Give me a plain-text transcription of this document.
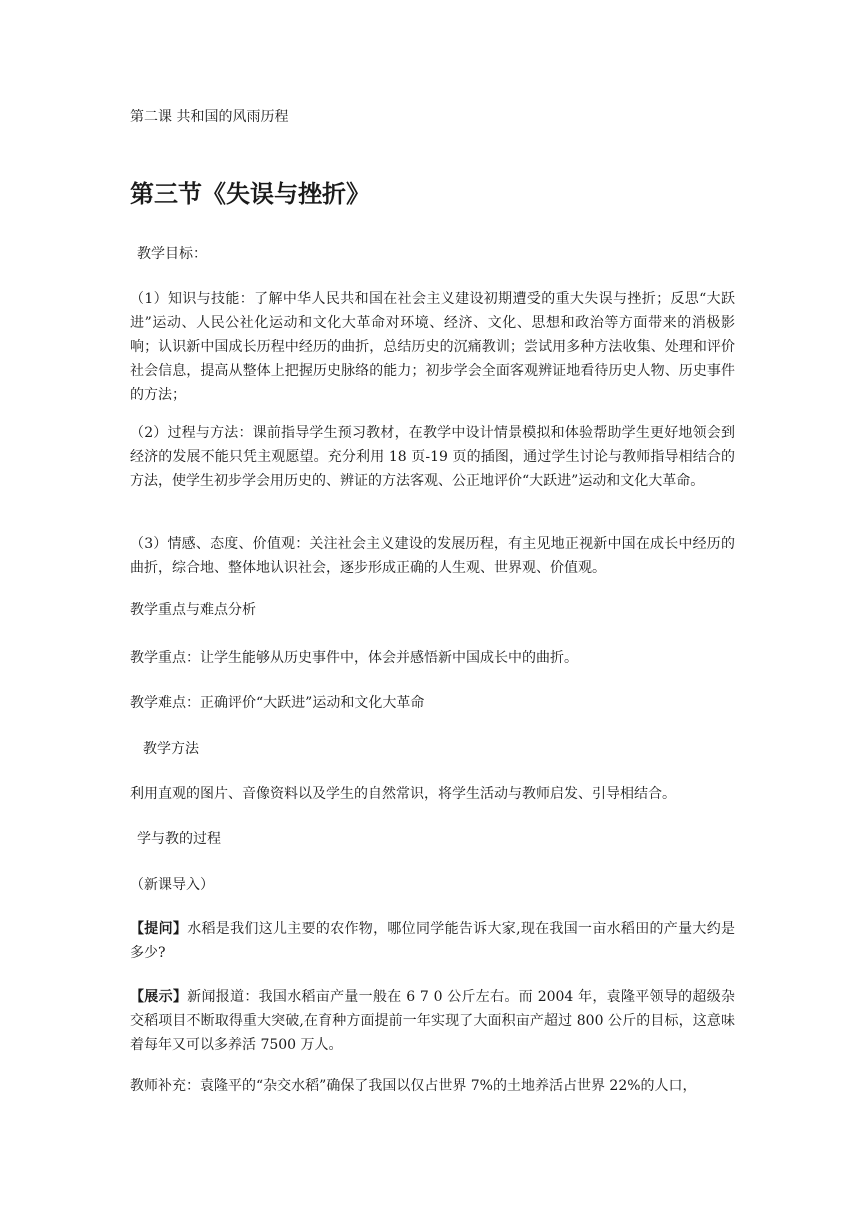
第二课 共和国的风雨历程

第三节《失误与挫折》

教学目标：

（1）知识与技能：了解中华人民共和国在社会主义建设初期遭受的重大失误与挫折；反思“大跃进”运动、人民公社化运动和文化大革命对环境、经济、文化、思想和政治等方面带来的消极影响；认识新中国成长历程中经历的曲折，总结历史的沉痛教训；尝试用多种方法收集、处理和评价社会信息，提高从整体上把握历史脉络的能力；初步学会全面客观辨证地看待历史人物、历史事件的方法；

（2）过程与方法：课前指导学生预习教材，在教学中设计情景模拟和体验帮助学生更好地领会到经济的发展不能只凭主观愿望。充分利用 18 页-19 页的插图，通过学生讨论与教师指导相结合的方法，使学生初步学会用历史的、辨证的方法客观、公正地评价“大跃进”运动和文化大革命。

（3）情感、态度、价值观：关注社会主义建设的发展历程，有主见地正视新中国在成长中经历的曲折，综合地、整体地认识社会，逐步形成正确的人生观、世界观、价值观。

教学重点与难点分析

教学重点：让学生能够从历史事件中，体会并感悟新中国成长中的曲折。

教学难点：正确评价“大跃进”运动和文化大革命

教学方法

利用直观的图片、音像资料以及学生的自然常识，将学生活动与教师启发、引导相结合。

学与教的过程

（新课导入）

【提问】水稻是我们这儿主要的农作物，哪位同学能告诉大家,现在我国一亩水稻田的产量大约是多少?

【展示】新闻报道：我国水稻亩产量一般在 6 7 0 公斤左右。而 2004 年，袁隆平领导的超级杂交稻项目不断取得重大突破,在育种方面提前一年实现了大面积亩产超过 800 公斤的目标，这意味着每年又可以多养活 7500 万人。

教师补充：袁隆平的“杂交水稻”确保了我国以仅占世界 7%的土地养活占世界 22%的人口，
